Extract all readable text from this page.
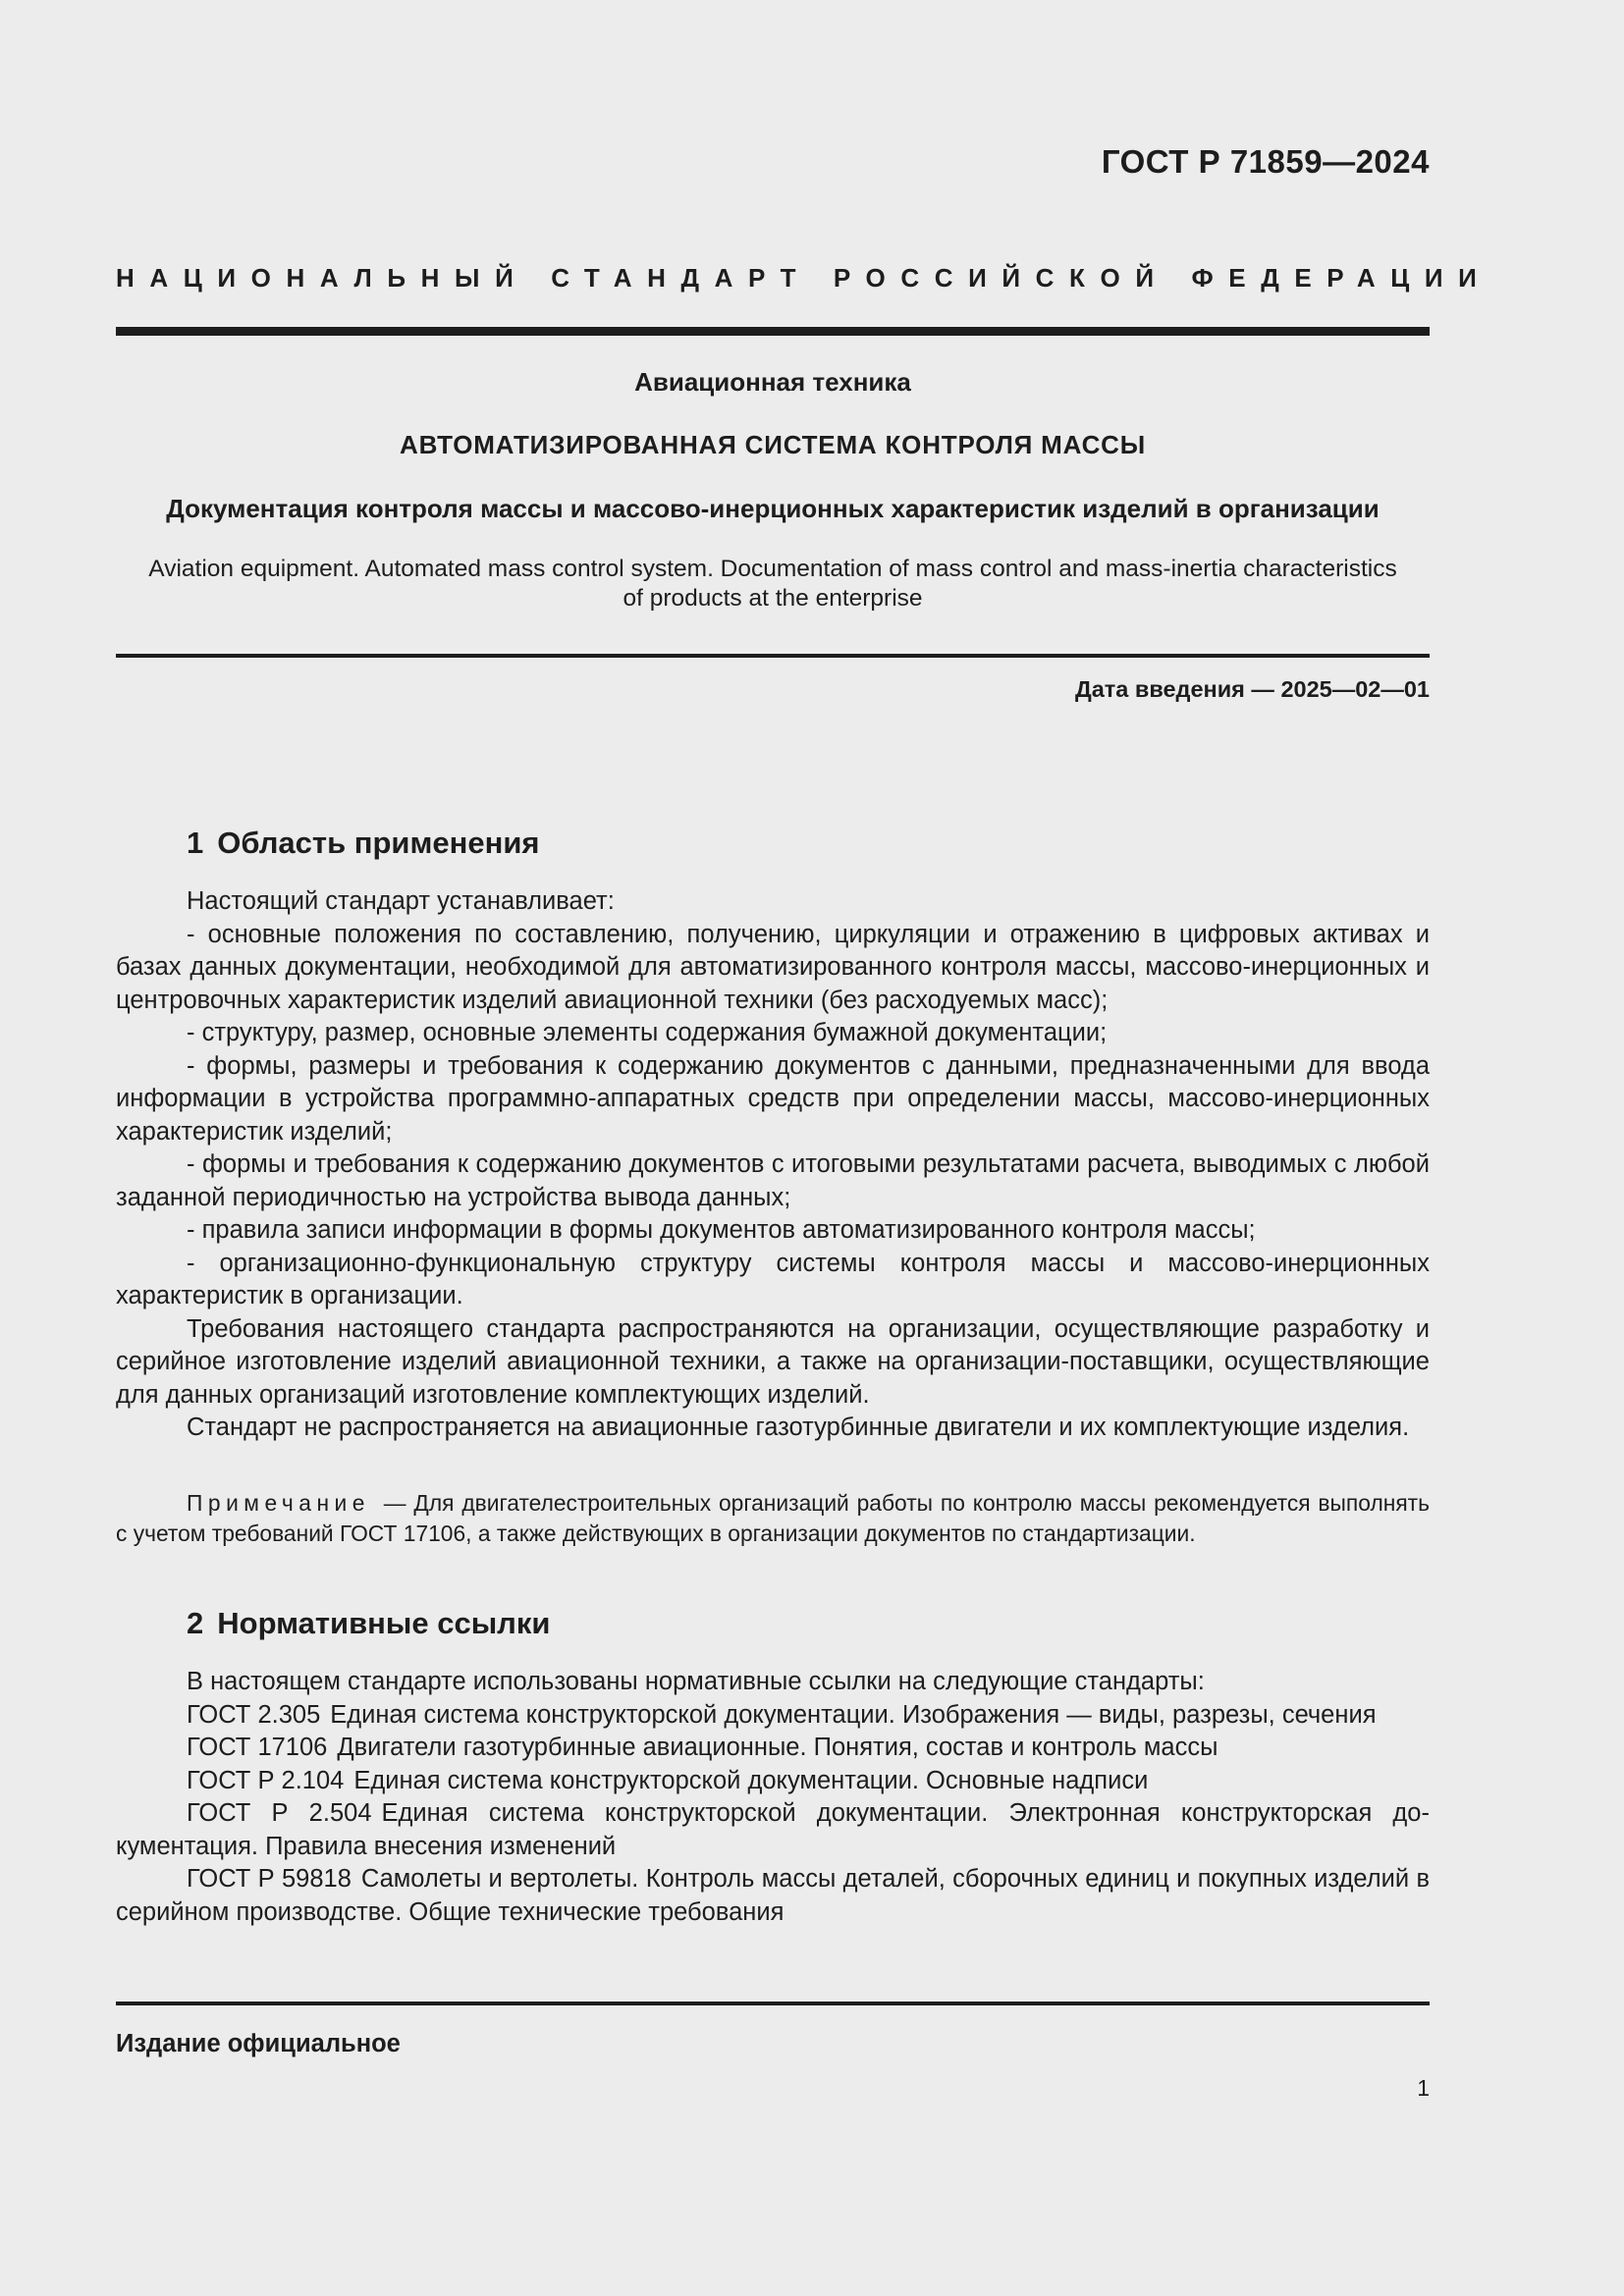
ГОСТ Р 71859—2024
НАЦИОНАЛЬНЫЙ СТАНДАРТ РОССИЙСКОЙ ФЕДЕРАЦИИ
Авиационная техника
АВТОМАТИЗИРОВАННАЯ СИСТЕМА КОНТРОЛЯ МАССЫ
Документация контроля массы и массово-инерционных характеристик изделий в организации
Aviation equipment. Automated mass control system. Documentation of mass control and mass-inertia characteristics
of products at the enterprise
Дата введения — 2025—02—01
1 Область применения

Настоящий стандарт устанавливает:

- основные положения по составлению, получению, циркуляции и отражению в цифровых активах и базах данных документации, необходимой для автоматизированного контроля массы, массово-инерционных и центровочных характеристик изделий авиационной техники (без расходуемых масс);

- структуру, размер, основные элементы содержания бумажной документации;

- формы, размеры и требования к содержанию документов с данными, предназначенными для ввода информации в устройства программно-аппаратных средств при определении массы, массово-инерционных характеристик изделий;

- формы и требования к содержанию документов с итоговыми результатами расчета, выводимых с любой заданной периодичностью на устройства вывода данных;

- правила записи информации в формы документов автоматизированного контроля массы;

- организационно-функциональную структуру системы контроля массы и массово-инерционных характеристик в организации.

Требования настоящего стандарта распространяются на организации, осуществляющие разработку и серийное изготовление изделий авиационной техники, а также на организации-поставщики, осуществляющие для данных организаций изготовление комплектующих изделий.

Стандарт не распространяется на авиационные газотурбинные двигатели и их комплектующие изделия.

Примечание — Для двигателестроительных организаций работы по контролю массы рекомендуется выполнять с учетом требований ГОСТ 17106, а также действующих в организации документов по стандартизации.

2 Нормативные ссылки

В настоящем стандарте использованы нормативные ссылки на следующие стандарты:

ГОСТ 2.305 Единая система конструкторской документации. Изображения — виды, разрезы, сечения

ГОСТ 17106 Двигатели газотурбинные авиационные. Понятия, состав и контроль массы

ГОСТ Р 2.104 Единая система конструкторской документации. Основные надписи

ГОСТ Р 2.504 Единая система конструкторской документации. Электронная конструкторская документация. Правила внесения изменений

ГОСТ Р 59818 Самолеты и вертолеты. Контроль массы деталей, сборочных единиц и покупных изделий в серийном производстве. Общие технические требования

Издание официальное
1
